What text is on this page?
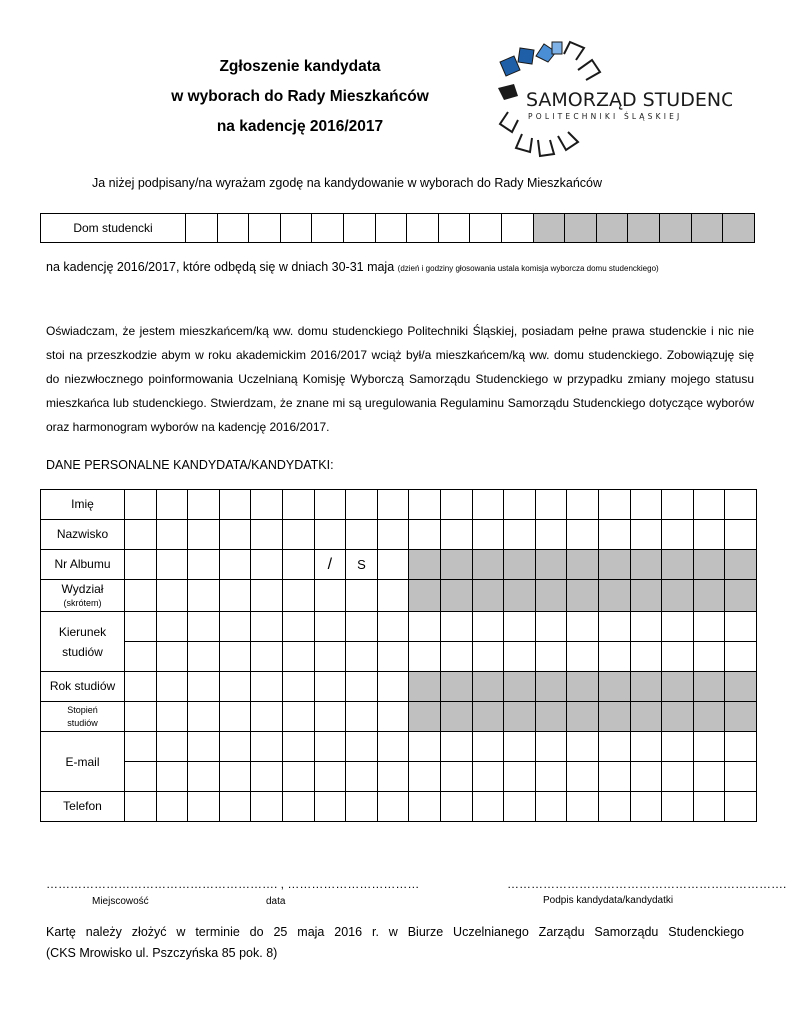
Zgłoszenie kandydata
w wyborach do Rady Mieszkańców
na kadencję 2016/2017
SAMORZĄD STUDENCKI
POLITECHNIKI ŚLĄSKIEJ
Ja niżej podpisany/na wyrażam zgodę na kandydowanie w wyborach do Rady Mieszkańców
Dom studencki																		
na kadencję 2016/2017, które odbędą się w dniach 30-31 maja (dzień i godziny głosowania ustala komisja wyborcza domu studenckiego)
Oświadczam, że jestem mieszkańcem/ką ww. domu studenckiego Politechniki Śląskiej, posiadam pełne prawa studenckie i nic nie
stoi na przeszkodzie abym w roku akademickim 2016/2017 wciąż był/a mieszkańcem/ką ww. domu studenckiego. Zobowiązuję się
do niezwłocznego poinformowania Uczelnianą Komisję Wyborczą Samorządu Studenckiego w przypadku zmiany mojego statusu
mieszkańca lub studenckiego. Stwierdzam, że znane mi są uregulowania Regulaminu Samorządu Studenckiego dotyczące wyborów
oraz harmonogram wyborów na kadencję 2016/2017.
DANE PERSONALNE KANDYDATA/KANDYDATKI:
Imię																				

Nazwisko																				

Nr Albumu							/	S												

Wydział
(skrótem)																				

Kierunek
studiów																				

Rok studiów																				

Stopień
studiów																				

E-mail																				

Telefon																				

…………………………………………………. , ……………………………	…………………………………………………………….
Miejscowość	data	Podpis kandydata/kandydatki
Kartę należy złożyć w terminie do 25 maja 2016 r. w Biurze Uczelnianego Zarządu Samorządu Studenckiego
(CKS Mrowisko ul. Pszczyńska 85 pok. 8)
